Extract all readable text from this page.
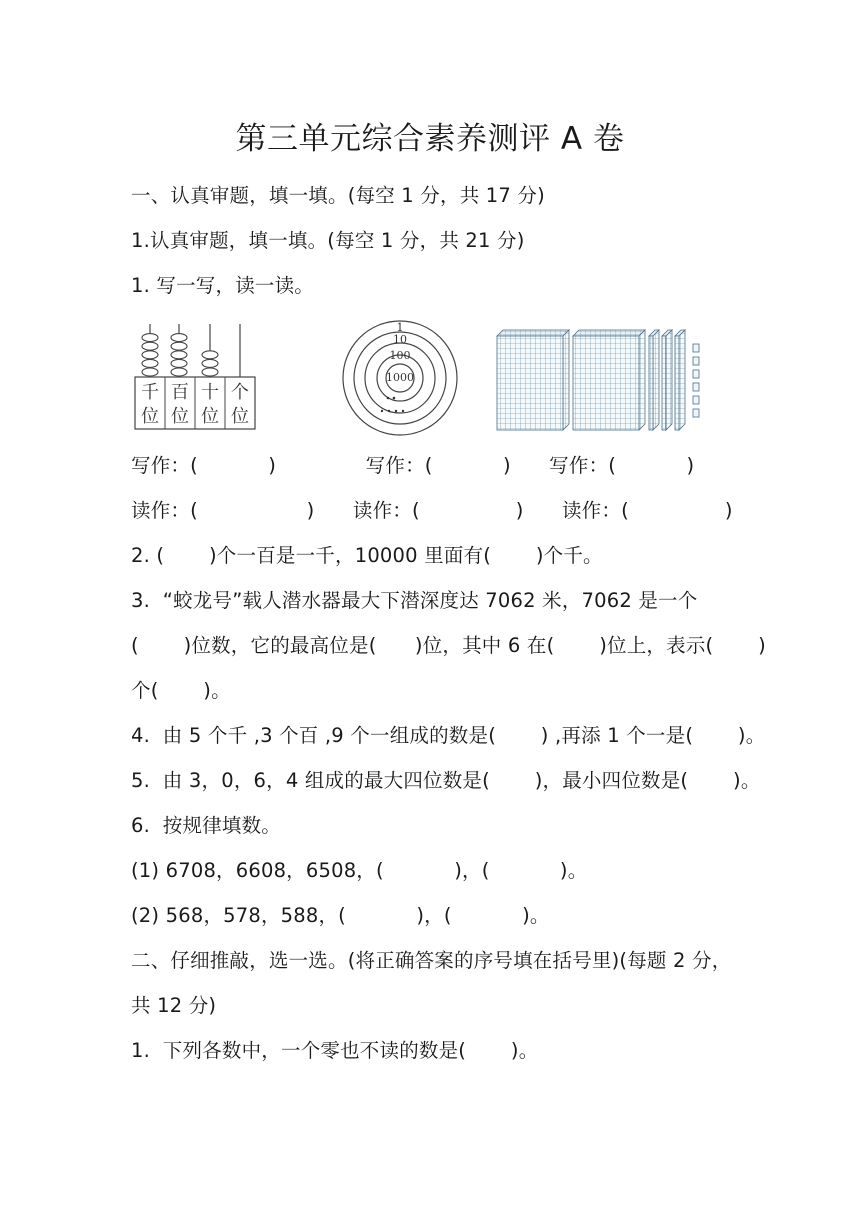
第三单元综合素养测评 A 卷
一、认真审题，填一填。(每空 1 分，共 17 分)
1.认真审题，填一填。(每空 1 分，共 21 分)
1. 写一写，读一读。
千
位
百
位
十
位
个
位
1
10
100
1000
写作：(           )              写作：(           )      写作：(           )
读作：(                 )      读作：(               )      读作：(               )
2. (       )个一百是一千，10000 里面有(       )个千。
3.  “蛟龙号”载人潜水器最大下潜深度达 7062 米，7062 是一个
(       )位数，它的最高位是(      )位，其中 6 在(       )位上，表示(       )
个(       )。
4.  由 5 个千 ,3 个百 ,9 个一组成的数是(       ) ,再添 1 个一是(       )。
5.  由 3，0，6，4 组成的最大四位数是(       )，最小四位数是(       )。
6.  按规律填数。
(1) 6708，6608，6508，(           )，(           )。
(2) 568，578，588，(           )，(           )。
二、仔细推敲，选一选。(将正确答案的序号填在括号里)(每题 2 分，
共 12 分)
1.  下列各数中，一个零也不读的数是(       )。
